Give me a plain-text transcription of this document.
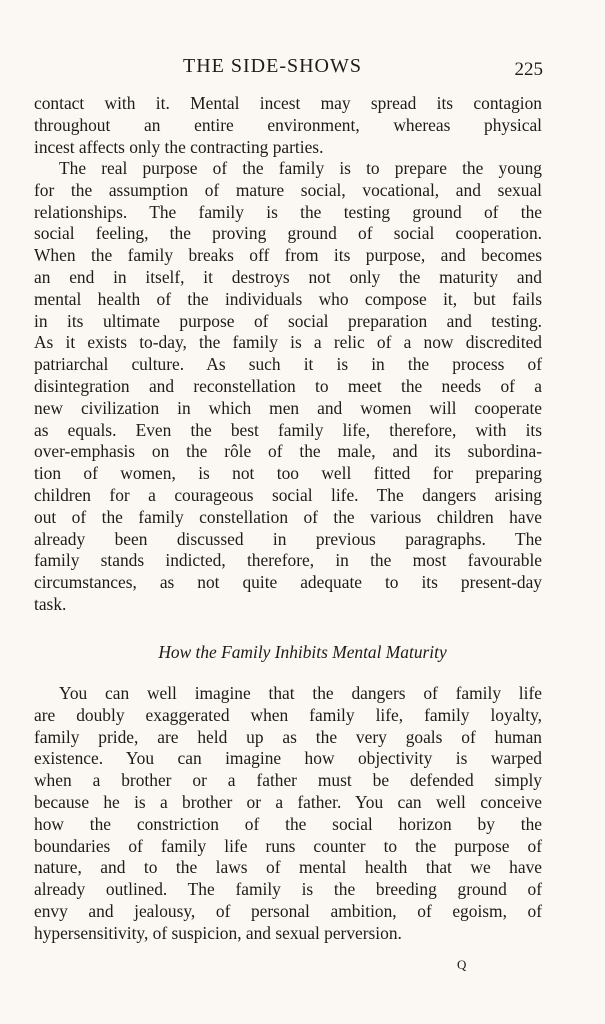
THE SIDE-SHOWS	225
contact with it. Mental incest may spread its contagion
throughout an entire environment, whereas physical
incest affects only the contracting parties.
The real purpose of the family is to prepare the young
for the assumption of mature social, vocational, and sexual
relationships. The family is the testing ground of the
social feeling, the proving ground of social cooperation.
When the family breaks off from its purpose, and becomes
an end in itself, it destroys not only the maturity and
mental health of the individuals who compose it, but fails
in its ultimate purpose of social preparation and testing.
As it exists to-day, the family is a relic of a now discredited
patriarchal culture. As such it is in the process of
disintegration and reconstellation to meet the needs of a
new civilization in which men and women will cooperate
as equals. Even the best family life, therefore, with its
over-emphasis on the rôle of the male, and its subordina-
tion of women, is not too well fitted for preparing
children for a courageous social life. The dangers arising
out of the family constellation of the various children have
already been discussed in previous paragraphs. The
family stands indicted, therefore, in the most favourable
circumstances, as not quite adequate to its present-day
task.
How the Family Inhibits Mental Maturity
You can well imagine that the dangers of family life
are doubly exaggerated when family life, family loyalty,
family pride, are held up as the very goals of human
existence. You can imagine how objectivity is warped
when a brother or a father must be defended simply
because he is a brother or a father. You can well conceive
how the constriction of the social horizon by the
boundaries of family life runs counter to the purpose of
nature, and to the laws of mental health that we have
already outlined. The family is the breeding ground of
envy and jealousy, of personal ambition, of egoism, of
hypersensitivity, of suspicion, and sexual perversion.
Q
